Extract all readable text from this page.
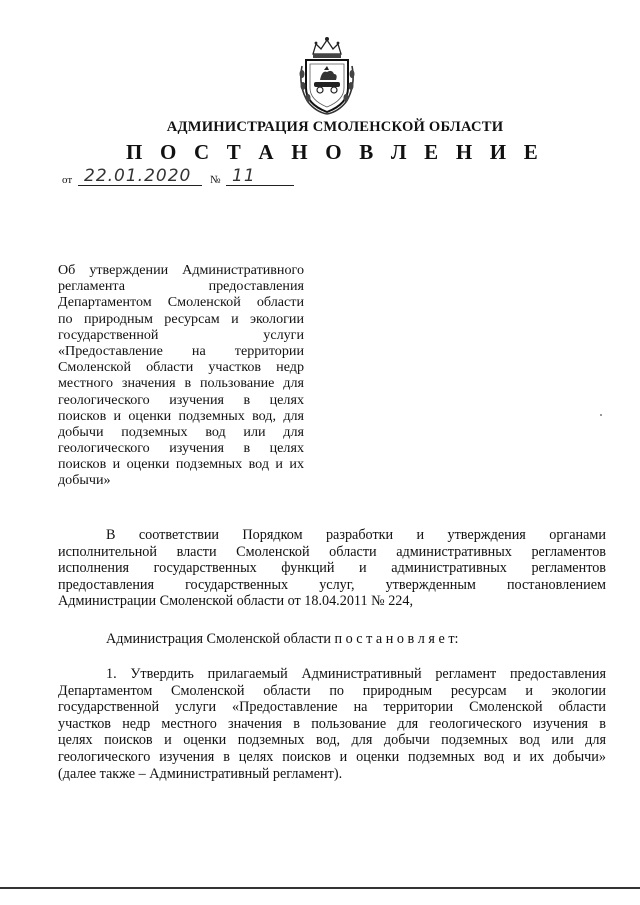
АДМИНИСТРАЦИЯ СМОЛЕНСКОЙ ОБЛАСТИ
П О С Т А Н О В Л Е Н И Е
от 22.01.2020 № 11
Об утверждении Административного
регламента предоставления
Департаментом Смоленской области
по природным ресурсам и экологии
государственной услуги
«Предоставление на территории
Смоленской области участков недр
местного значения в пользование для
геологического изучения в целях
поисков и оценки подземных вод, для
добычи подземных вод или для
геологического изучения в целях
поисков и оценки подземных вод и их
добычи»
В соответствии Порядком разработки и утверждения органами
исполнительной власти Смоленской области административных регламентов
исполнения государственных функций и административных регламентов
предоставления государственных услуг, утвержденным постановлением
Администрации Смоленской области от 18.04.2011 № 224,
Администрация Смоленской области п о с т а н о в л я е т:
1. Утвердить прилагаемый Административный регламент предоставления
Департаментом Смоленской области по природным ресурсам и экологии
государственной услуги «Предоставление на территории Смоленской области
участков недр местного значения в пользование для геологического изучения в
целях поисков и оценки подземных вод, для добычи подземных вод или для
геологического изучения в целях поисков и оценки подземных вод и их добычи»
(далее также – Административный регламент).
